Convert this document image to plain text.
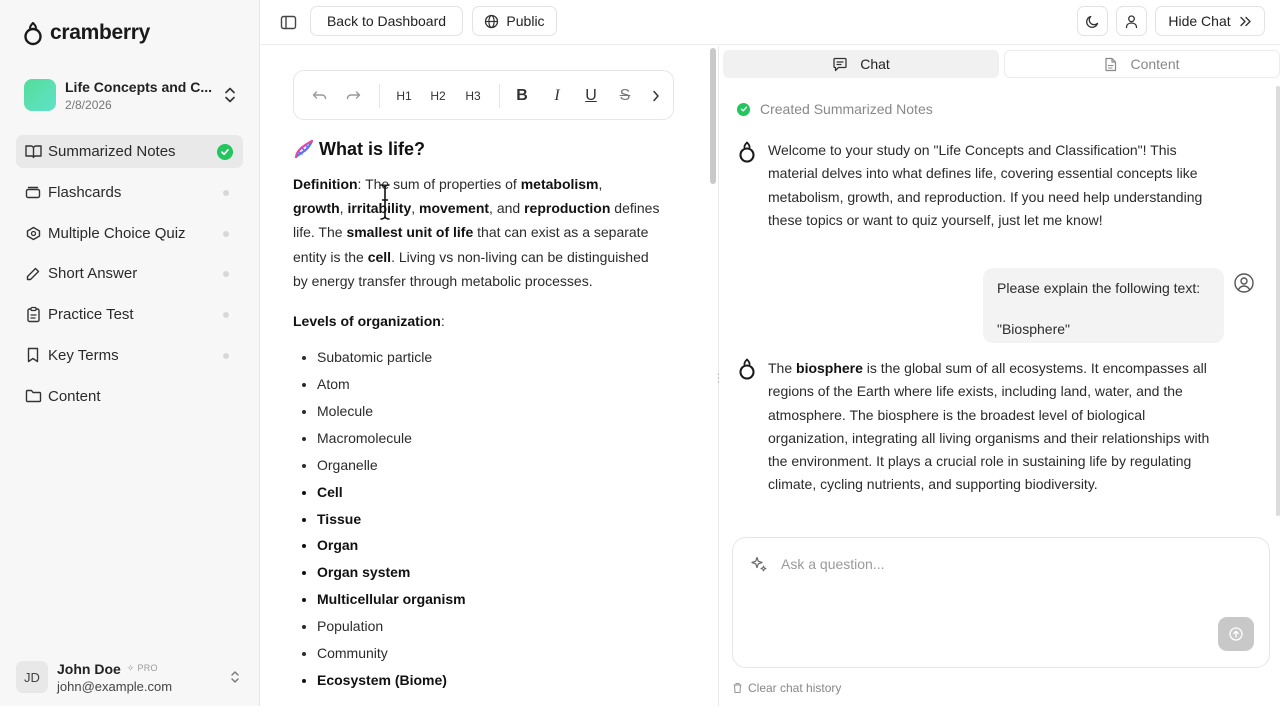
cramberry
Life Concepts and C...
2/8/2026
Summarized Notes
Flashcards
Multiple Choice Quiz
Short Answer
Practice Test
Key Terms
Content
JD
John Doe ✧ PRO
john@example.com
Back to Dashboard	Public	Hide Chat
H1	H2	H3	B	I	U	S
What is life?

Definition: The sum of properties of metabolism,
growth, irritability, movement, and reproduction defines life. The smallest unit of life that can exist as a separate entity is the cell. Living vs non-living can be distinguished by energy transfer through metabolic processes.

Levels of organization:

• Subatomic particle
• Atom
• Molecule
• Macromolecule
• Organelle
• Cell
• Tissue
• Organ
• Organ system
• Multicellular organism
• Population
• Community
• Ecosystem (Biome)
Chat	Content
Created Summarized Notes
Welcome to your study on "Life Concepts and Classification"! This material delves into what defines life, covering essential concepts like metabolism, growth, and reproduction. If you need help understanding these topics or want to quiz yourself, just let me know!
Please explain the following text:
"Biosphere"
The biosphere is the global sum of all ecosystems. It encompasses all regions of the Earth where life exists, including land, water, and the atmosphere. The biosphere is the broadest level of biological organization, integrating all living organisms and their relationships with the environment. It plays a crucial role in sustaining life by regulating climate, cycling nutrients, and supporting biodiversity.
Ask a question...
Clear chat history
